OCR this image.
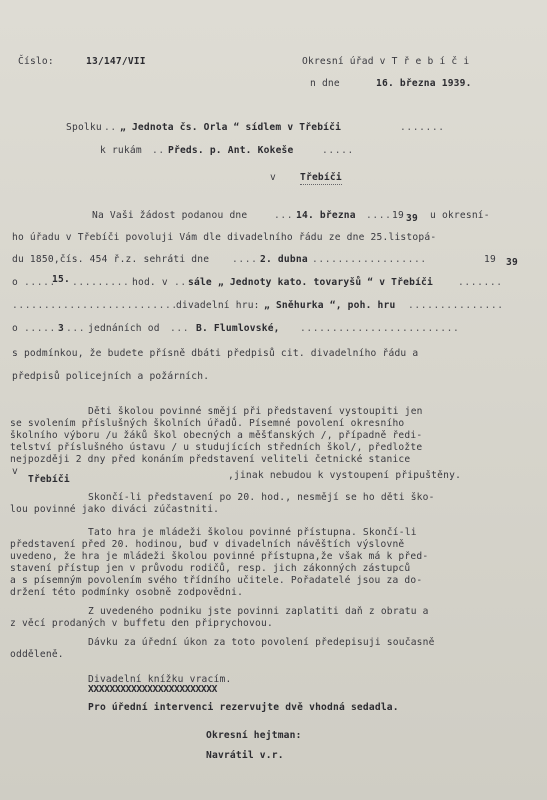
Číslo:	13/147/VII	Okresní úřad v T ř e b í č i
n dne	16. března 1939.
Spolku .. „ Jednota čs. Orla “ sídlem v Třebíči	.......
k rukám .. Předs. p. Ant. Kokeše	.....
v	Třebíči
Na Vaši žádost podanou dne	... 14. března .... 19 39 u okresní-
ho úřadu v Třebíči povoluji Vám dle divadelního řádu ze dne 25.listopá-
du 1850,čís. 454 ř.z. sehráti dne .... 2. dubna ..................	19 39
o .....
15. ......... hod. v .. sále „ Jednoty kato. tovaryšů “ v Třebíči	.......
..........................
divadelní hru: „ Sněhurka “, poh. hru ...............
o ..... 3 ... jednáních od ... B. Flumlovské, .........................
s podmínkou, že budete přísně dbáti předpisů cit. divadelního řádu a
předpisů policejních a požárních.
Děti školou povinné smějí při představení vystoupiti jen
se svolením příslušných školních úřadů. Písemné povolení okresního
školního výboru /u žáků škol obecných a měšťanských /, případně ředi-
telství příslušného ústavu / u studujících středních škol/, předložte
nejpozději 2 dny před konáním představení veliteli četnické stanice
v
Třebíči	,jinak nebudou k vystoupení připuštěny.
Skončí-li představení po 20. hod., nesmějí se ho děti ško-
lou povinné jako diváci zúčastniti.
Tato hra je mládeži školou povinné přístupna. Skončí-li
představení před 20. hodinou, buď v divadelních návěštích výslovně
uvedeno, že hra je mládeži školou povinné přístupna,že však má k před-
stavení přístup jen v průvodu rodičů, resp. jich zákonných zástupců
a s písemným povolením svého třídního učitele. Pořadatelé jsou za do-
držení této podmínky osobně zodpovědni.
Z uvedeného podniku jste povinni zaplatiti daň z obratu a
z věcí prodaných v buffetu den připrychovou.
Dávku za úřední úkon za toto povolení předepisuji současně
odděleně.
Divadelní knížku vracím.
XXXXXXXXXXXXXXXXXXXXXXXX
Pro úřední intervenci rezervujte dvě vhodná sedadla.
Okresní hejtman:
Navrátil v.r.
